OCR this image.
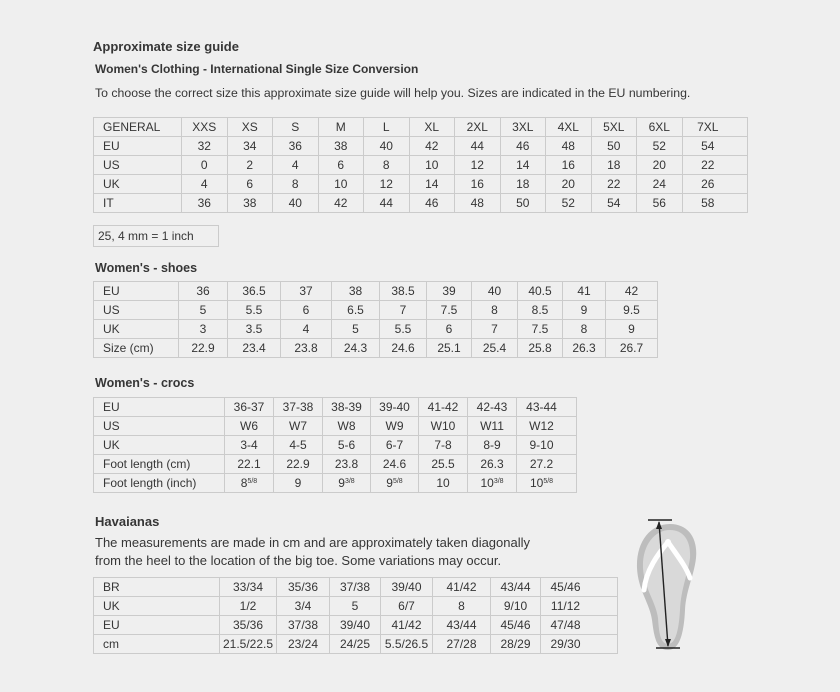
Approximate size guide
Women's Clothing - International Single Size Conversion
To choose the correct size this approximate size guide will help you. Sizes are indicated in the EU numbering.
GENERAL	XXS	XS	S	M	L	XL	2XL	3XL	4XL	5XL	6XL	7XL
EU	32	34	36	38	40	42	44	46	48	50	52	54
US	0	2	4	6	8	10	12	14	16	18	20	22
UK	4	6	8	10	12	14	16	18	20	22	24	26
IT	36	38	40	42	44	46	48	50	52	54	56	58
25, 4 mm = 1 inch
Women's - shoes
EU	36	36.5	37	38	38.5	39	40	40.5	41	42
US	5	5.5	6	6.5	7	7.5	8	8.5	9	9.5
UK	3	3.5	4	5	5.5	6	7	7.5	8	9
Size (cm)	22.9	23.4	23.8	24.3	24.6	25.1	25.4	25.8	26.3	26.7
Women's - crocs
EU	36-37	37-38	38-39	39-40	41-42	42-43	43-44
US	W6	W7	W8	W9	W10	W11	W12
UK	3-4	4-5	5-6	6-7	7-8	8-9	9-10
Foot length (cm)	22.1	22.9	23.8	24.6	25.5	26.3	27.2
Foot length (inch)	$8^{5/8}$	9	$9^{3/8}$	$9^{5/8}$	10	$10^{3/8}$	$10^{5/8}$
Havaianas
The measurements are made in cm and are approximately taken diagonally
from the heel to the location of the big toe. Some variations may occur.
BR	33/34	35/36	37/38	39/40	41/42	43/44	45/46
UK	1/2	3/4	5	6/7	8	9/10	11/12
EU	35/36	37/38	39/40	41/42	43/44	45/46	47/48
cm	21.5/22.5	23/24	24/25	5.5/26.5	27/28	28/29	29/30
